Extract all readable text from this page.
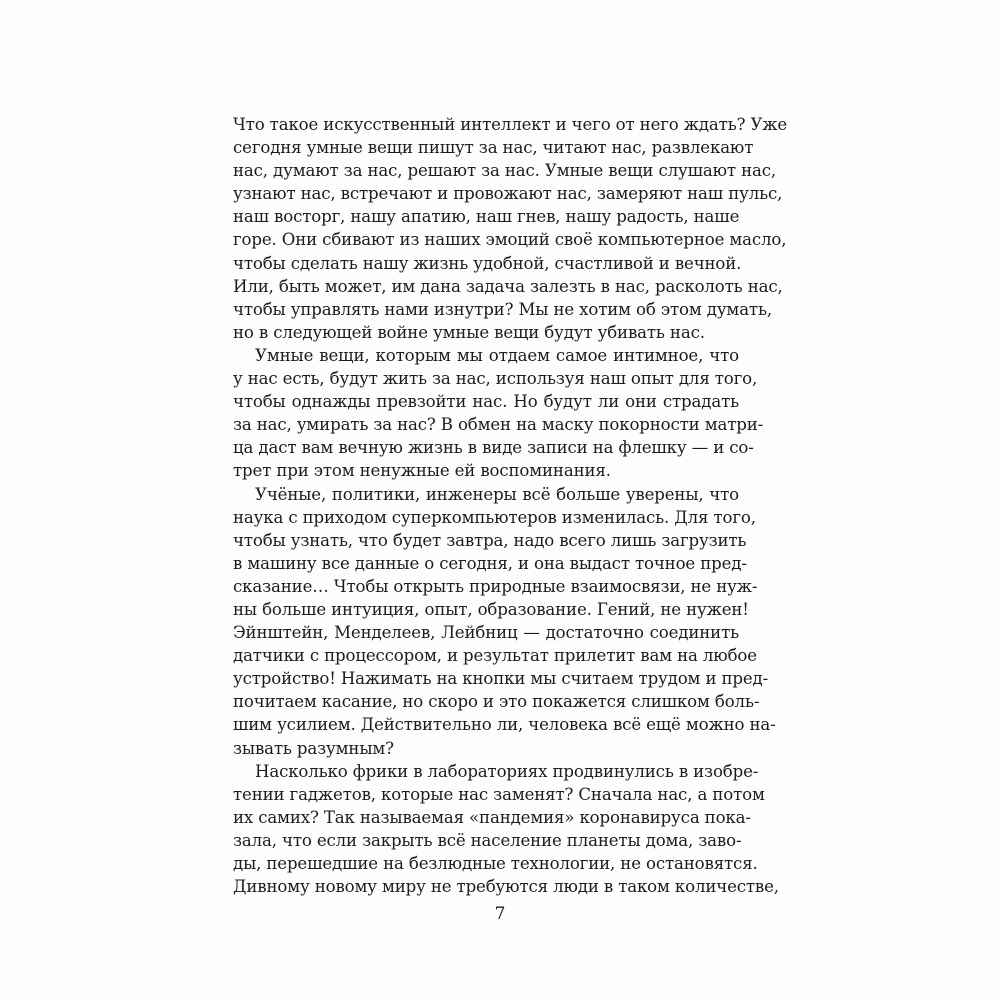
Что такое искусственный интеллект и чего от него ждать? Уже
сегодня умные вещи пишут за нас, читают нас, развлекают
нас, думают за нас, решают за нас. Умные вещи слушают нас,
узнают нас, встречают и провожают нас, замеряют наш пульс,
наш восторг, нашу апатию, наш гнев, нашу радость, наше
горе. Они сбивают из наших эмоций своё компьютерное масло,
чтобы сделать нашу жизнь удобной, счастливой и вечной.
Или, быть может, им дана задача залезть в нас, расколоть нас,
чтобы управлять нами изнутри? Мы не хотим об этом думать,
но в следующей войне умные вещи будут убивать нас.
Умные вещи, которым мы отдаем самое интимное, что
у нас есть, будут жить за нас, используя наш опыт для того,
чтобы однажды превзойти нас. Но будут ли они страдать
за нас, умирать за нас? В обмен на маску покорности матри-
ца даст вам вечную жизнь в виде записи на флешку — и со-
трет при этом ненужные ей воспоминания.
Учёные, политики, инженеры всё больше уверены, что
наука с приходом суперкомпьютеров изменилась. Для того,
чтобы узнать, что будет завтра, надо всего лишь загрузить
в машину все данные о сегодня, и она выдаст точное пред-
сказание… Чтобы открыть природные взаимосвязи, не нуж-
ны больше интуиция, опыт, образование. Гений, не нужен!
Эйнштейн, Менделеев, Лейбниц — достаточно соединить
датчики с процессором, и результат прилетит вам на любое
устройство! Нажимать на кнопки мы считаем трудом и пред-
почитаем касание, но скоро и это покажется слишком боль-
шим усилием. Действительно ли, человека всё ещё можно на-
зывать разумным?
Насколько фрики в лабораториях продвинулись в изобре-
тении гаджетов, которые нас заменят? Сначала нас, а потом
их самих? Так называемая «пандемия» коронавируса пока-
зала, что если закрыть всё население планеты дома, заво-
ды, перешедшие на безлюдные технологии, не остановятся.
Дивному новому миру не требуются люди в таком количестве,
7
